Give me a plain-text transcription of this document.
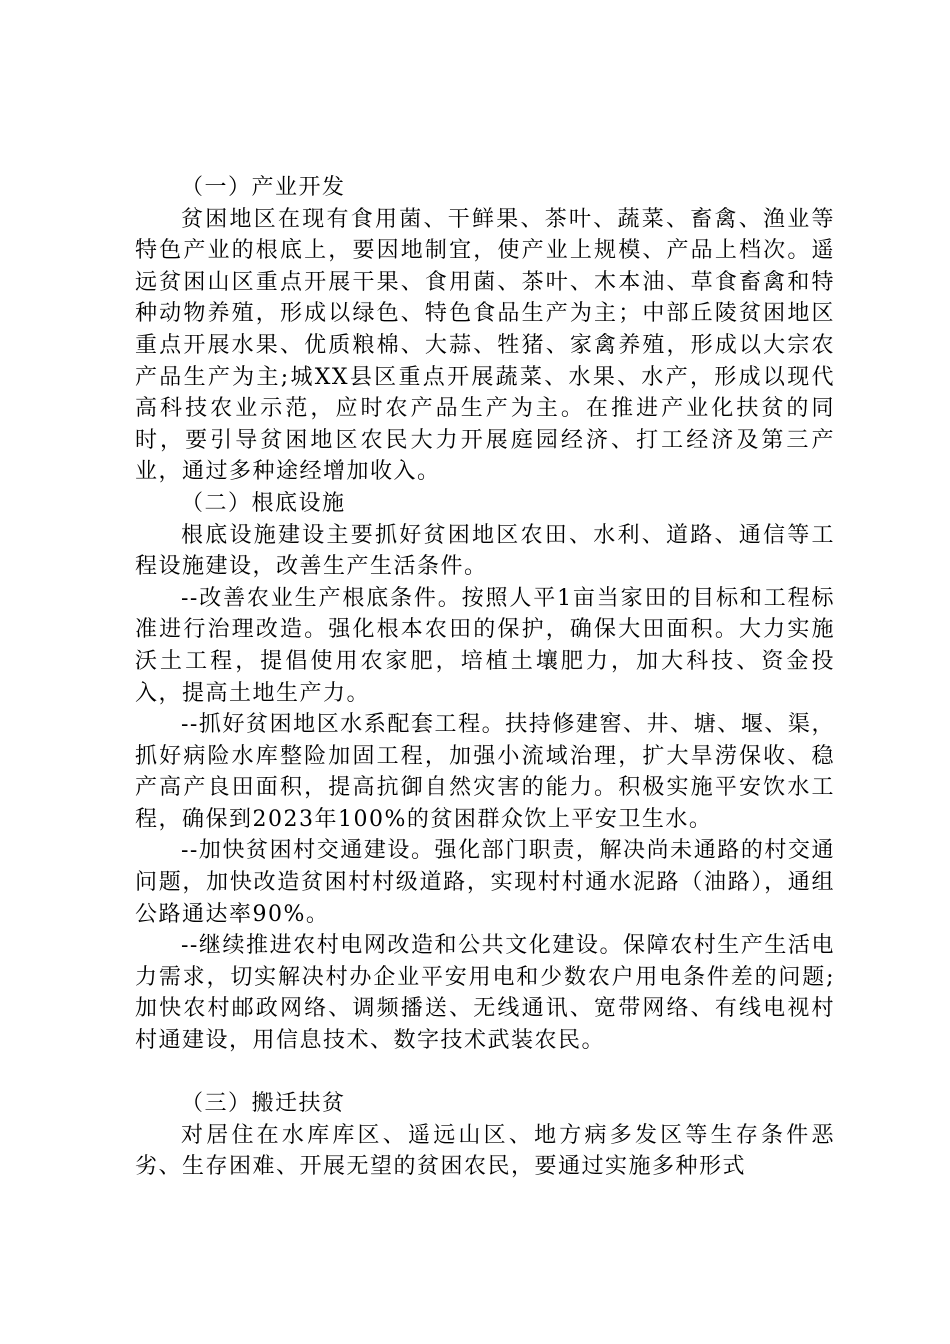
（一）产业开发

贫困地区在现有食用菌、干鲜果、茶叶、蔬菜、畜禽、渔业等特色产业的根底上，要因地制宜，使产业上规模、产品上档次。遥远贫困山区重点开展干果、食用菌、茶叶、木本油、草食畜禽和特种动物养殖，形成以绿色、特色食品生产为主；中部丘陵贫困地区重点开展水果、优质粮棉、大蒜、牲猪、家禽养殖，形成以大宗农产品生产为主;城XX县区重点开展蔬菜、水果、水产，形成以现代高科技农业示范，应时农产品生产为主。在推进产业化扶贫的同时，要引导贫困地区农民大力开展庭园经济、打工经济及第三产业，通过多种途经增加收入。

（二）根底设施

根底设施建设主要抓好贫困地区农田、水利、道路、通信等工程设施建设，改善生产生活条件。

--改善农业生产根底条件。按照人平1亩当家田的目标和工程标准进行治理改造。强化根本农田的保护，确保大田面积。大力实施沃土工程，提倡使用农家肥，培植土壤肥力，加大科技、资金投入，提高土地生产力。

--抓好贫困地区水系配套工程。扶持修建窖、井、塘、堰、渠，抓好病险水库整险加固工程，加强小流域治理，扩大旱涝保收、稳产高产良田面积，提高抗御自然灾害的能力。积极实施平安饮水工程，确保到2023年100%的贫困群众饮上平安卫生水。

--加快贫困村交通建设。强化部门职责，解决尚未通路的村交通问题，加快改造贫困村村级道路，实现村村通水泥路（油路），通组公路通达率90%。

--继续推进农村电网改造和公共文化建设。保障农村生产生活电力需求，切实解决村办企业平安用电和少数农户用电条件差的问题;加快农村邮政网络、调频播送、无线通讯、宽带网络、有线电视村村通建设，用信息技术、数字技术武装农民。

（三）搬迁扶贫

对居住在水库库区、遥远山区、地方病多发区等生存条件恶劣、生存困难、开展无望的贫困农民，要通过实施多种形式
